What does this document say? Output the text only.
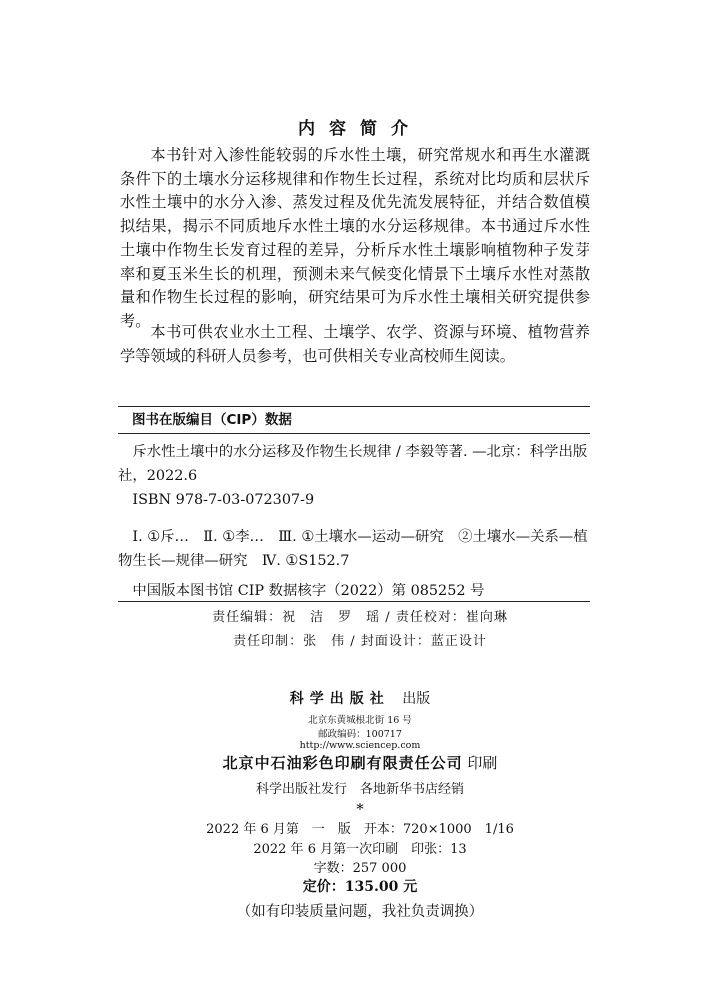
内容简介

本书针对入渗性能较弱的斥水性土壤，研究常规水和再生水灌溉条件下的土壤水分运移规律和作物生长过程，系统对比均质和层状斥水性土壤中的水分入渗、蒸发过程及优先流发展特征，并结合数值模拟结果，揭示不同质地斥水性土壤的水分运移规律。本书通过斥水性土壤中作物生长发育过程的差异，分析斥水性土壤影响植物种子发芽率和夏玉米生长的机理，预测未来气候变化情景下土壤斥水性对蒸散量和作物生长过程的影响，研究结果可为斥水性土壤相关研究提供参考。

本书可供农业水土工程、土壤学、农学、资源与环境、植物营养学等领域的科研人员参考，也可供相关专业高校师生阅读。

图书在版编目（CIP）数据

斥水性土壤中的水分运移及作物生长规律 / 李毅等著. —北京：科学出版社，2022.6

ISBN 978-7-03-072307-9

Ⅰ. ①斥…　Ⅱ. ①李…　Ⅲ. ①土壤水—运动—研究　②土壤水—关系—植物生长—规律—研究　Ⅳ. ①S152.7

中国版本图书馆 CIP 数据核字（2022）第 085252 号

责任编辑：祝　洁　罗　瑶 / 责任校对：崔向琳
责任印制：张　伟 / 封面设计：蓝正设计
科学出版社 出版
北京东黄城根北街 16 号
邮政编码：100717
http://www.sciencep.com
北京中石油彩色印刷有限责任公司 印刷
科学出版社发行　各地新华书店经销
*
2022 年 6 月第　一　版　开本：720×1000　1/16
2022 年 6 月第一次印刷　印张：13
字数：257 000
定价：135.00 元
（如有印装质量问题，我社负责调换）
